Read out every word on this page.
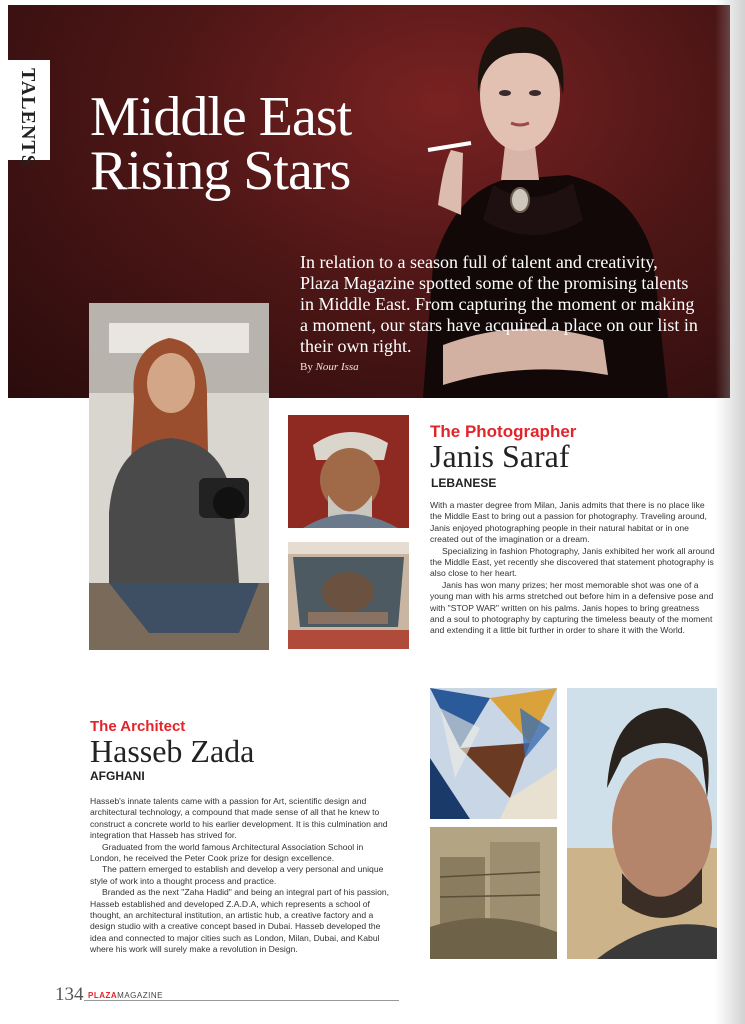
TALENTS Middle East
Rising Stars

In relation to a season full of talent and creativity, Plaza Magazine spotted some of the promising talents in Middle East. From capturing the moment or making a moment, our stars have acquired a place on our list in their own right.

By Nour Issa
The Photographer
Janis Saraf
LEBANESE

With a master degree from Milan, Janis admits that there is no place like the Middle East to bring out a passion for photography. Traveling around, Janis enjoyed photographing people in their natural habitat or in one created out of the imagination or a dream.

Specializing in fashion Photography, Janis exhibited her work all around the Middle East, yet recently she discovered that statement photography is also close to her heart.

Janis has won many prizes; her most memorable shot was one of a young man with his arms stretched out before him in a defensive pose and with "STOP WAR" written on his palms. Janis hopes to bring greatness and a soul to photography by capturing the timeless beauty of the moment and extending it a little bit further in order to share it with the World.

The Architect
Hasseb Zada
AFGHANI

Hasseb's innate talents came with a passion for Art, scientific design and architectural technology, a compound that made sense of all that he knew to construct a concrete world to his earlier development. It is this culmination and integration that Hasseb has strived for.

Graduated from the world famous Architectural Association School in London, he received the Peter Cook prize for design excellence.

The pattern emerged to establish and develop a very personal and unique style of work into a thought process and practice.

Branded as the next "Zaha Hadid" and being an integral part of his passion, Hasseb established and developed Z.A.D.A, which represents a school of thought, an architectural institution, an artistic hub, a creative factory and a design studio with a creative concept based in Dubai. Hasseb developed the idea and connected to major cities such as London, Milan, Dubai, and Kabul where his work will surely make a revolution in Design.

134 PLAZAMAGAZINE
